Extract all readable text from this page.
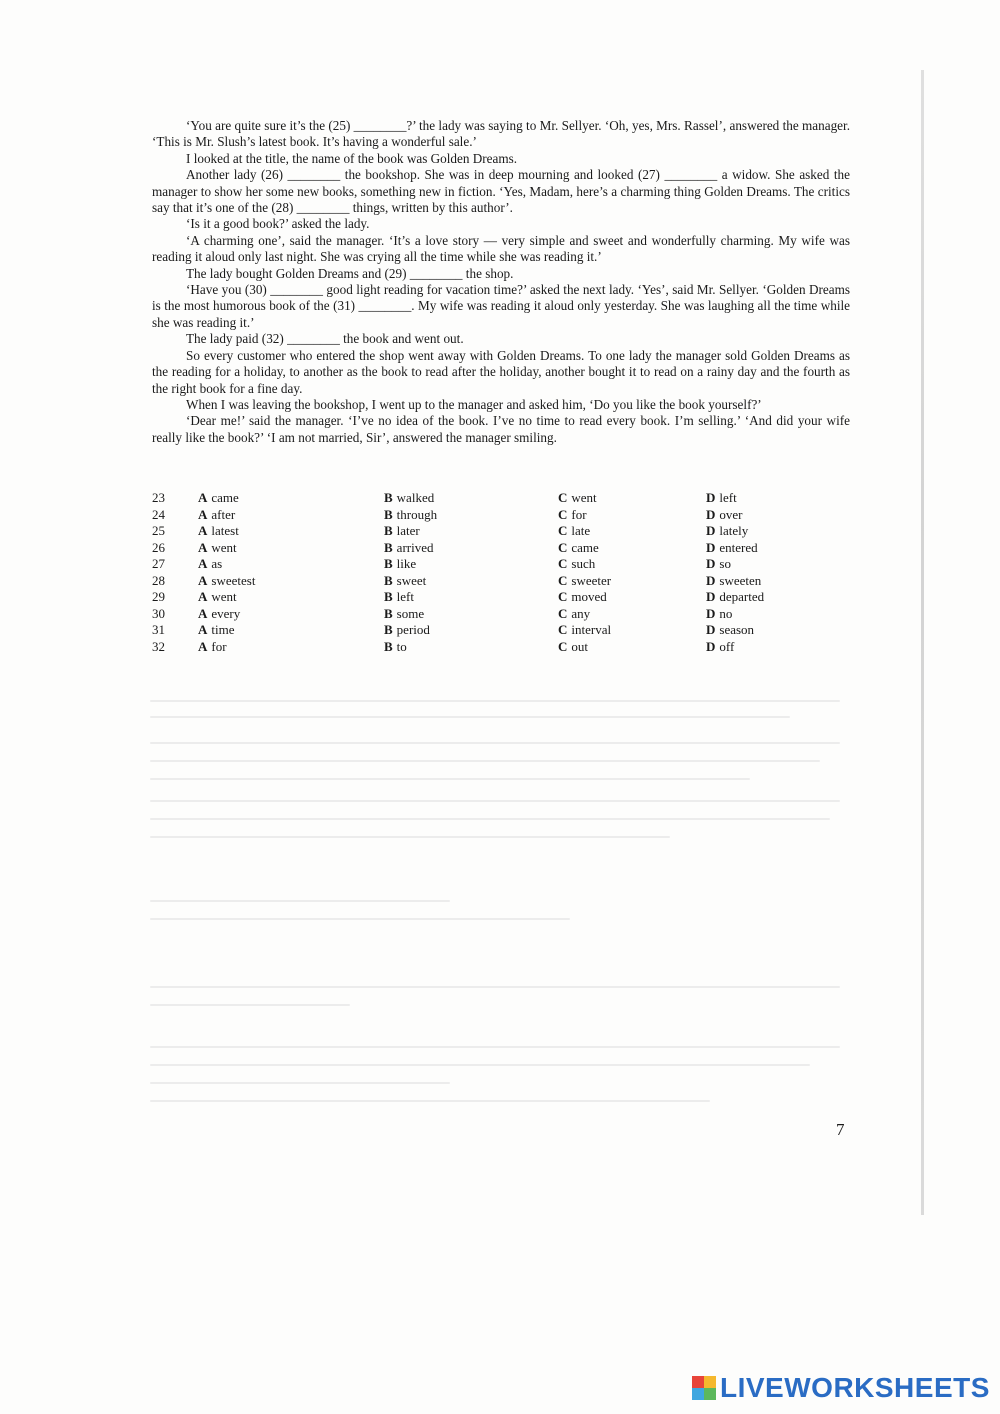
‘You are quite sure it’s the (25) ________?’ the lady was saying to Mr. Sellyer. ‘Oh, yes, Mrs. Rassel’, answered the manager. ‘This is Mr. Slush’s latest book. It’s having a wonderful sale.’

I looked at the title, the name of the book was Golden Dreams.

Another lady (26) ________ the bookshop. She was in deep mourning and looked (27) ________ a widow. She asked the manager to show her some new books, something new in fiction. ‘Yes, Madam, here’s a charming thing Golden Dreams. The critics say that it’s one of the (28) ________ things, written by this author’.

‘Is it a good book?’ asked the lady.

‘A charming one’, said the manager. ‘It’s a love story — very simple and sweet and wonderfully charming. My wife was reading it aloud only last night. She was crying all the time while she was reading it.’

The lady bought Golden Dreams and (29) ________ the shop.

‘Have you (30) ________ good light reading for vacation time?’ asked the next lady. ‘Yes’, said Mr. Sellyer. ‘Golden Dreams is the most humorous book of the (31) ________. My wife was reading it aloud only yesterday. She was laughing all the time while she was reading it.’

The lady paid (32) ________ the book and went out.

So every customer who entered the shop went away with Golden Dreams. To one lady the manager sold Golden Dreams as the reading for a holiday, to another as the book to read after the holiday, another bought it to read on a rainy day and the fourth as the right book for a fine day.

When I was leaving the bookshop, I went up to the manager and asked him, ‘Do you like the book yourself?’

‘Dear me!’ said the manager. ‘I’ve no idea of the book. I’ve no time to read every book. I’m selling.’ ‘And did your wife really like the book?’ ‘I am not married, Sir’, answered the manager smiling.

23	A came	B walked	C went	D left
24	A after	B through	C for	D over
25	A latest	B later	C late	D lately
26	A went	B arrived	C came	D entered
27	A as	B like	C such	D so
28	A sweetest	B sweet	C sweeter	D sweeten
29	A went	B left	C moved	D departed
30	A every	B some	C any	D no
31	A time	B period	C interval	D season
32	A for	B to	C out	D off
7
LIVEWORKSHEETS
